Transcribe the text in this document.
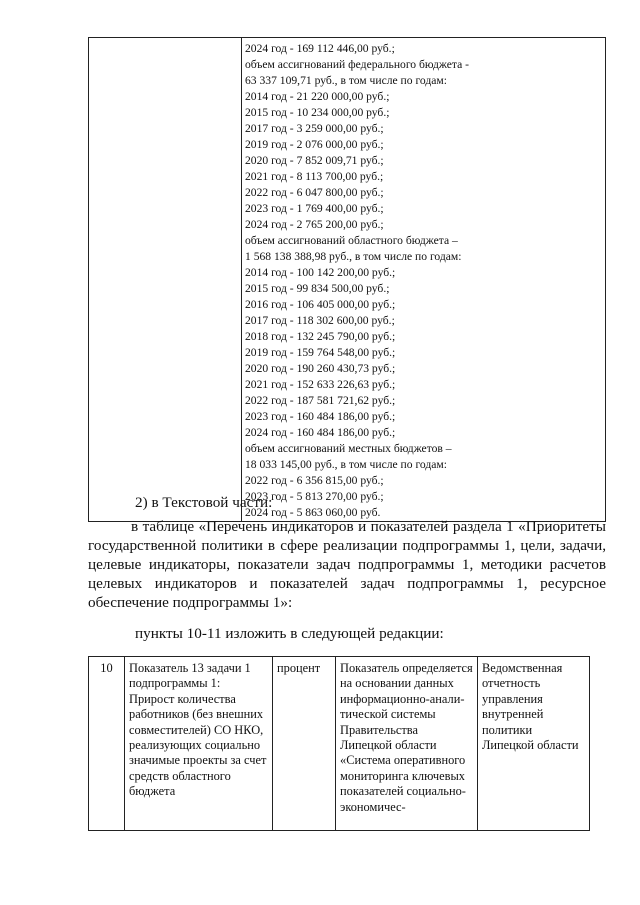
2024 год - 169 112 446,00 руб.;
объем ассигнований федерального бюджета -
63 337 109,71 руб., в том числе по годам:
2014 год - 21 220 000,00 руб.;
2015 год - 10 234 000,00 руб.;
2017 год - 3 259 000,00 руб.;
2019 год - 2 076 000,00 руб.;
2020 год - 7 852 009,71 руб.;
2021 год - 8 113 700,00 руб.;
2022 год - 6 047 800,00 руб.;
2023 год - 1 769 400,00 руб.;
2024 год - 2 765 200,00 руб.;
объем ассигнований областного бюджета –
1 568 138 388,98 руб., в том числе по годам:
2014 год - 100 142 200,00 руб.;
2015 год - 99 834 500,00 руб.;
2016 год - 106 405 000,00 руб.;
2017 год - 118 302 600,00 руб.;
2018 год - 132 245 790,00 руб.;
2019 год - 159 764 548,00 руб.;
2020 год - 190 260 430,73 руб.;
2021 год - 152 633 226,63 руб.;
2022 год - 187 581 721,62 руб.;
2023 год - 160 484 186,00 руб.;
2024 год - 160 484 186,00 руб.;
объем ассигнований местных бюджетов –
18 033 145,00 руб., в том числе по годам:
2022 год - 6 356 815,00 руб.;
2023 год - 5 813 270,00 руб.;
2024 год - 5 863 060,00 руб.
2) в Текстовой части:
в таблице «Перечень индикаторов и показателей раздела 1 «Приоритеты государственной политики в сфере реализации подпрограммы 1, цели, задачи, целевые индикаторы, показатели задач подпрограммы 1, методики расчетов целевых индикаторов и показателей задач подпрограммы 1, ресурсное обеспечение подпрограммы 1»:
пункты 10-11 изложить в следующей редакции:
10	Показатель 13 задачи 1 подпрограммы 1: Прирост количества работников (без внешних совместителей) СО НКО, реализующих социально значимые проекты за счет средств областного бюджета	процент	Показатель определяется на основании данных информационно-аналитической системы Правительства Липецкой области «Система оперативного мониторинга ключевых показателей социально-экономичес-	Ведомственная отчетность управления внутренней политики Липецкой области
